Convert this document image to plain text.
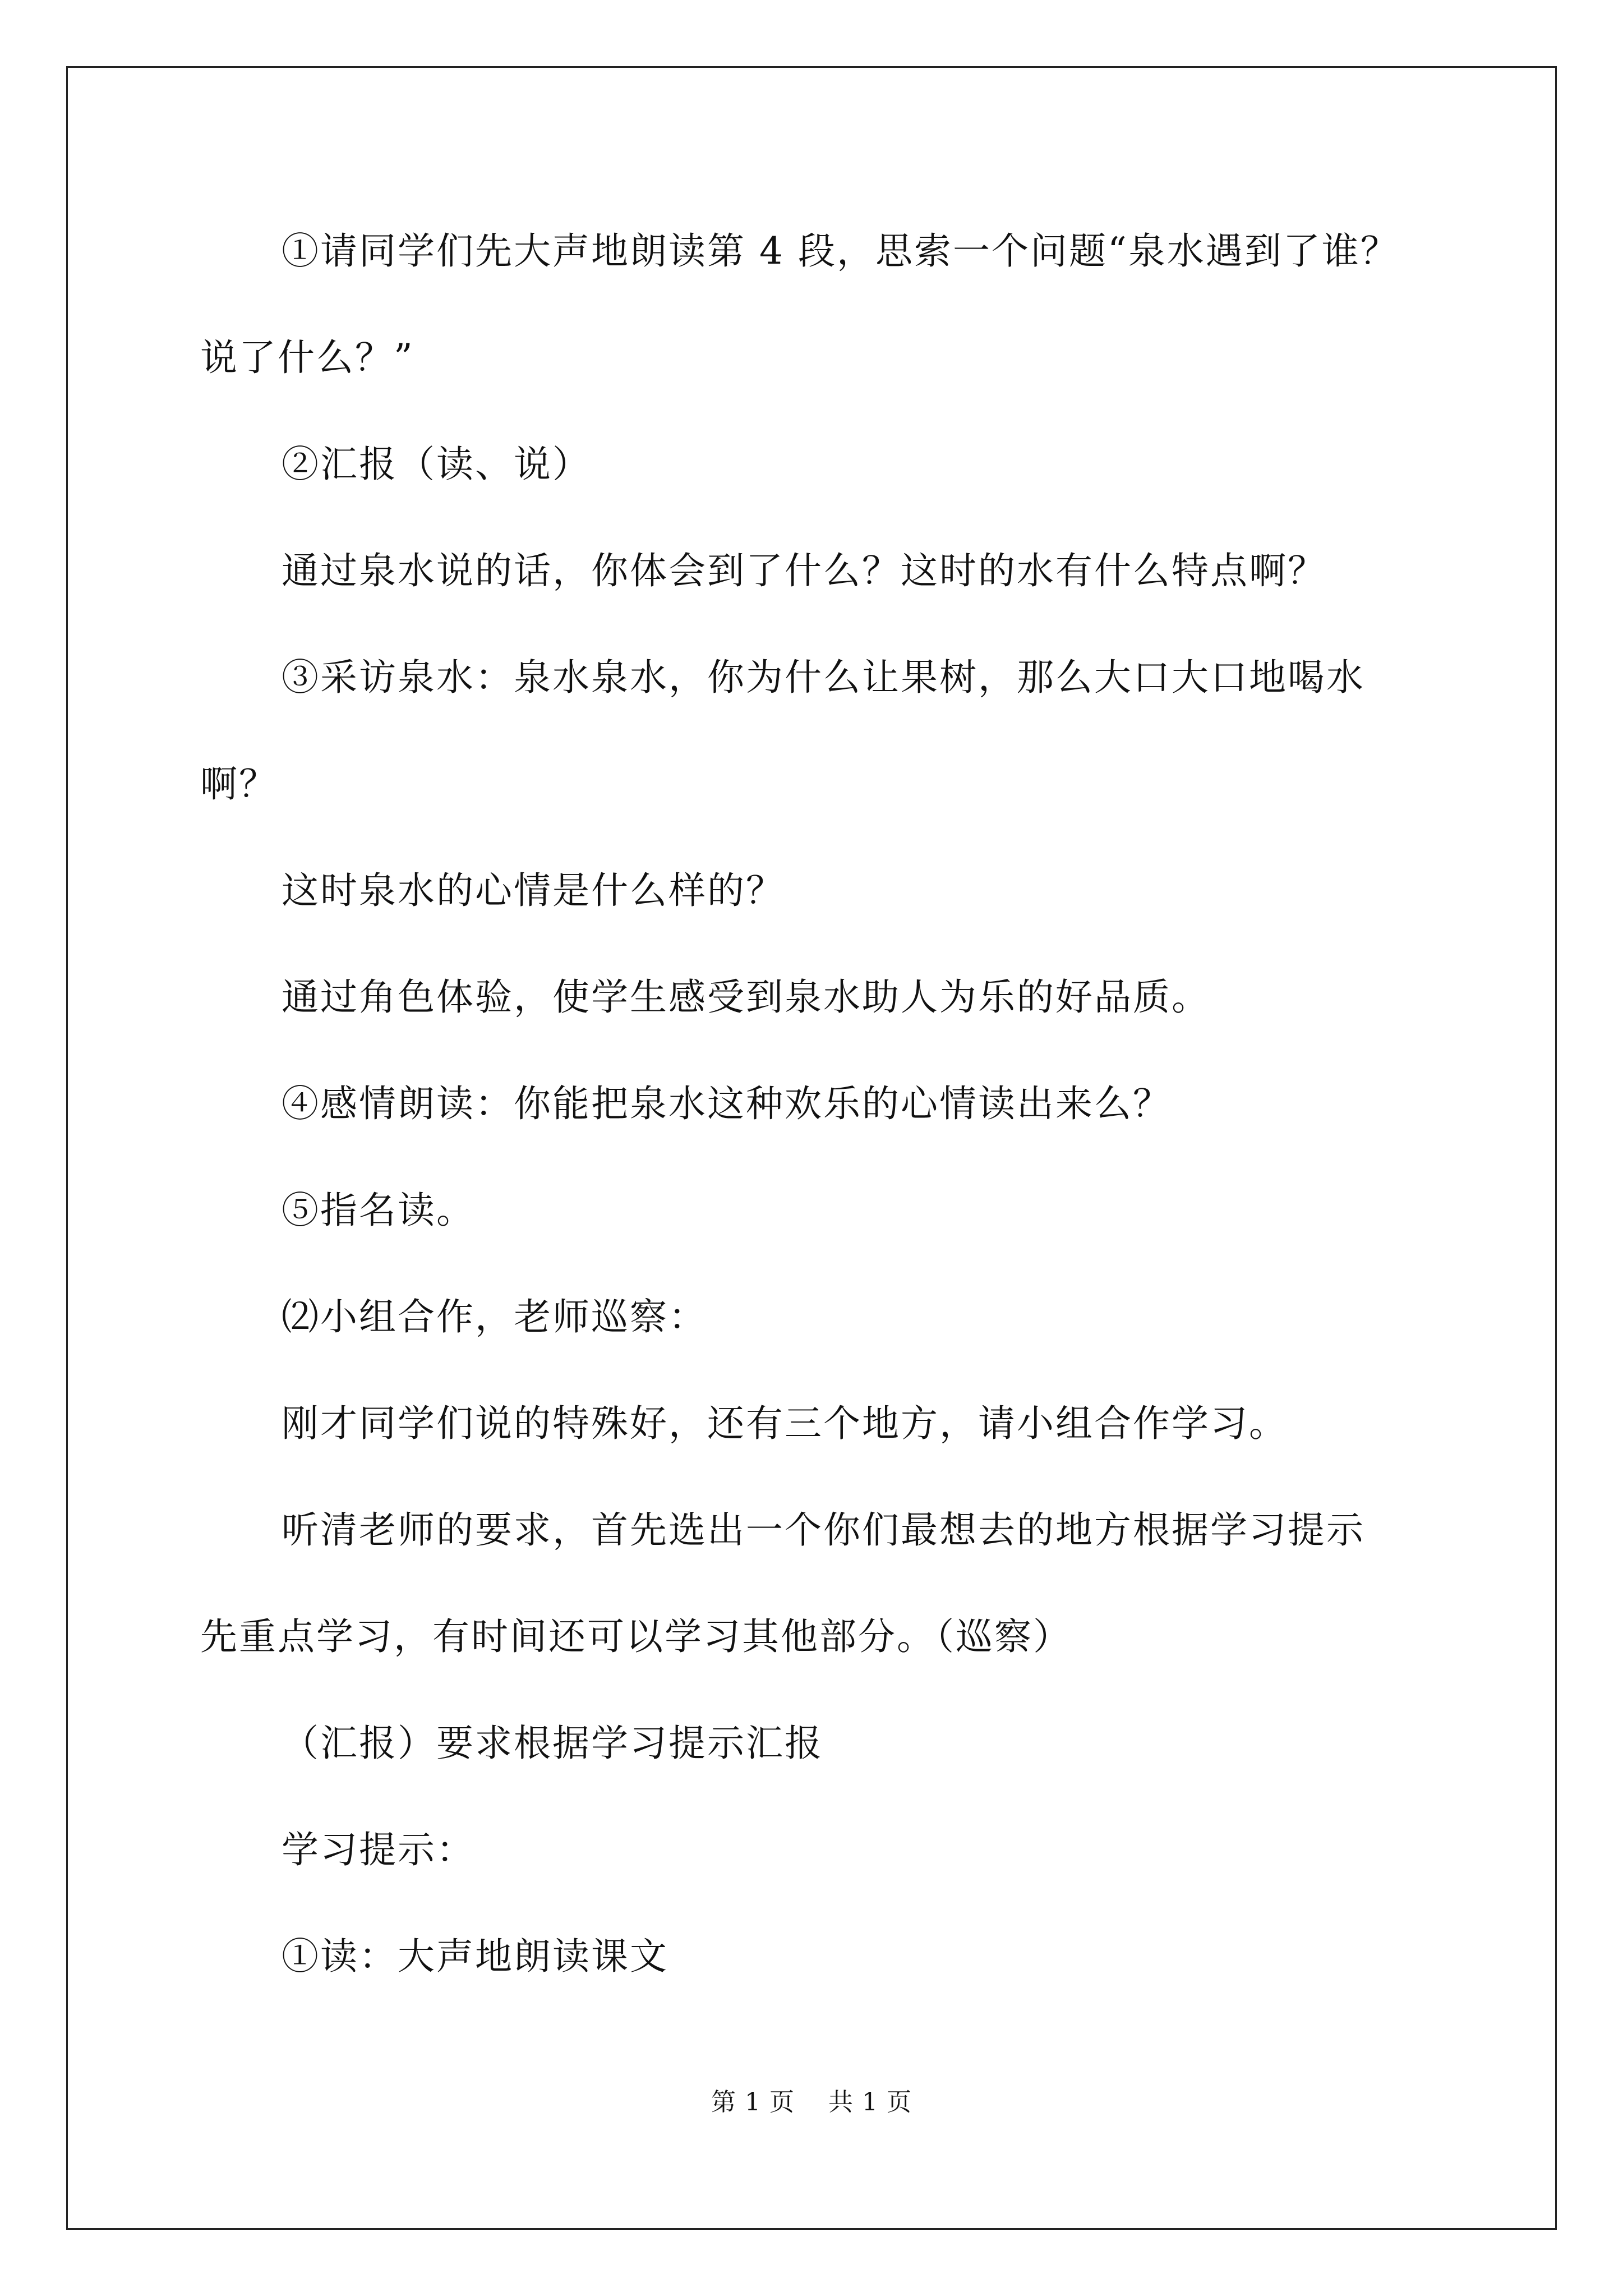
①请同学们先大声地朗读第 4 段，思索一个问题“泉水遇到了谁？
说了什么？”
②汇报（读、说）
通过泉水说的话，你体会到了什么？这时的水有什么特点啊？
③采访泉水：泉水泉水，你为什么让果树，那么大口大口地喝水
啊？
这时泉水的心情是什么样的？
通过角色体验，使学生感受到泉水助人为乐的好品质。
④感情朗读：你能把泉水这种欢乐的心情读出来么？
⑤指名读。
⑵小组合作，老师巡察：
刚才同学们说的特殊好，还有三个地方，请小组合作学习。
听清老师的要求，首先选出一个你们最想去的地方根据学习提示
先重点学习，有时间还可以学习其他部分。（巡察）
（汇报）要求根据学习提示汇报
学习提示：
①读：大声地朗读课文
第 1 页 共 1 页
